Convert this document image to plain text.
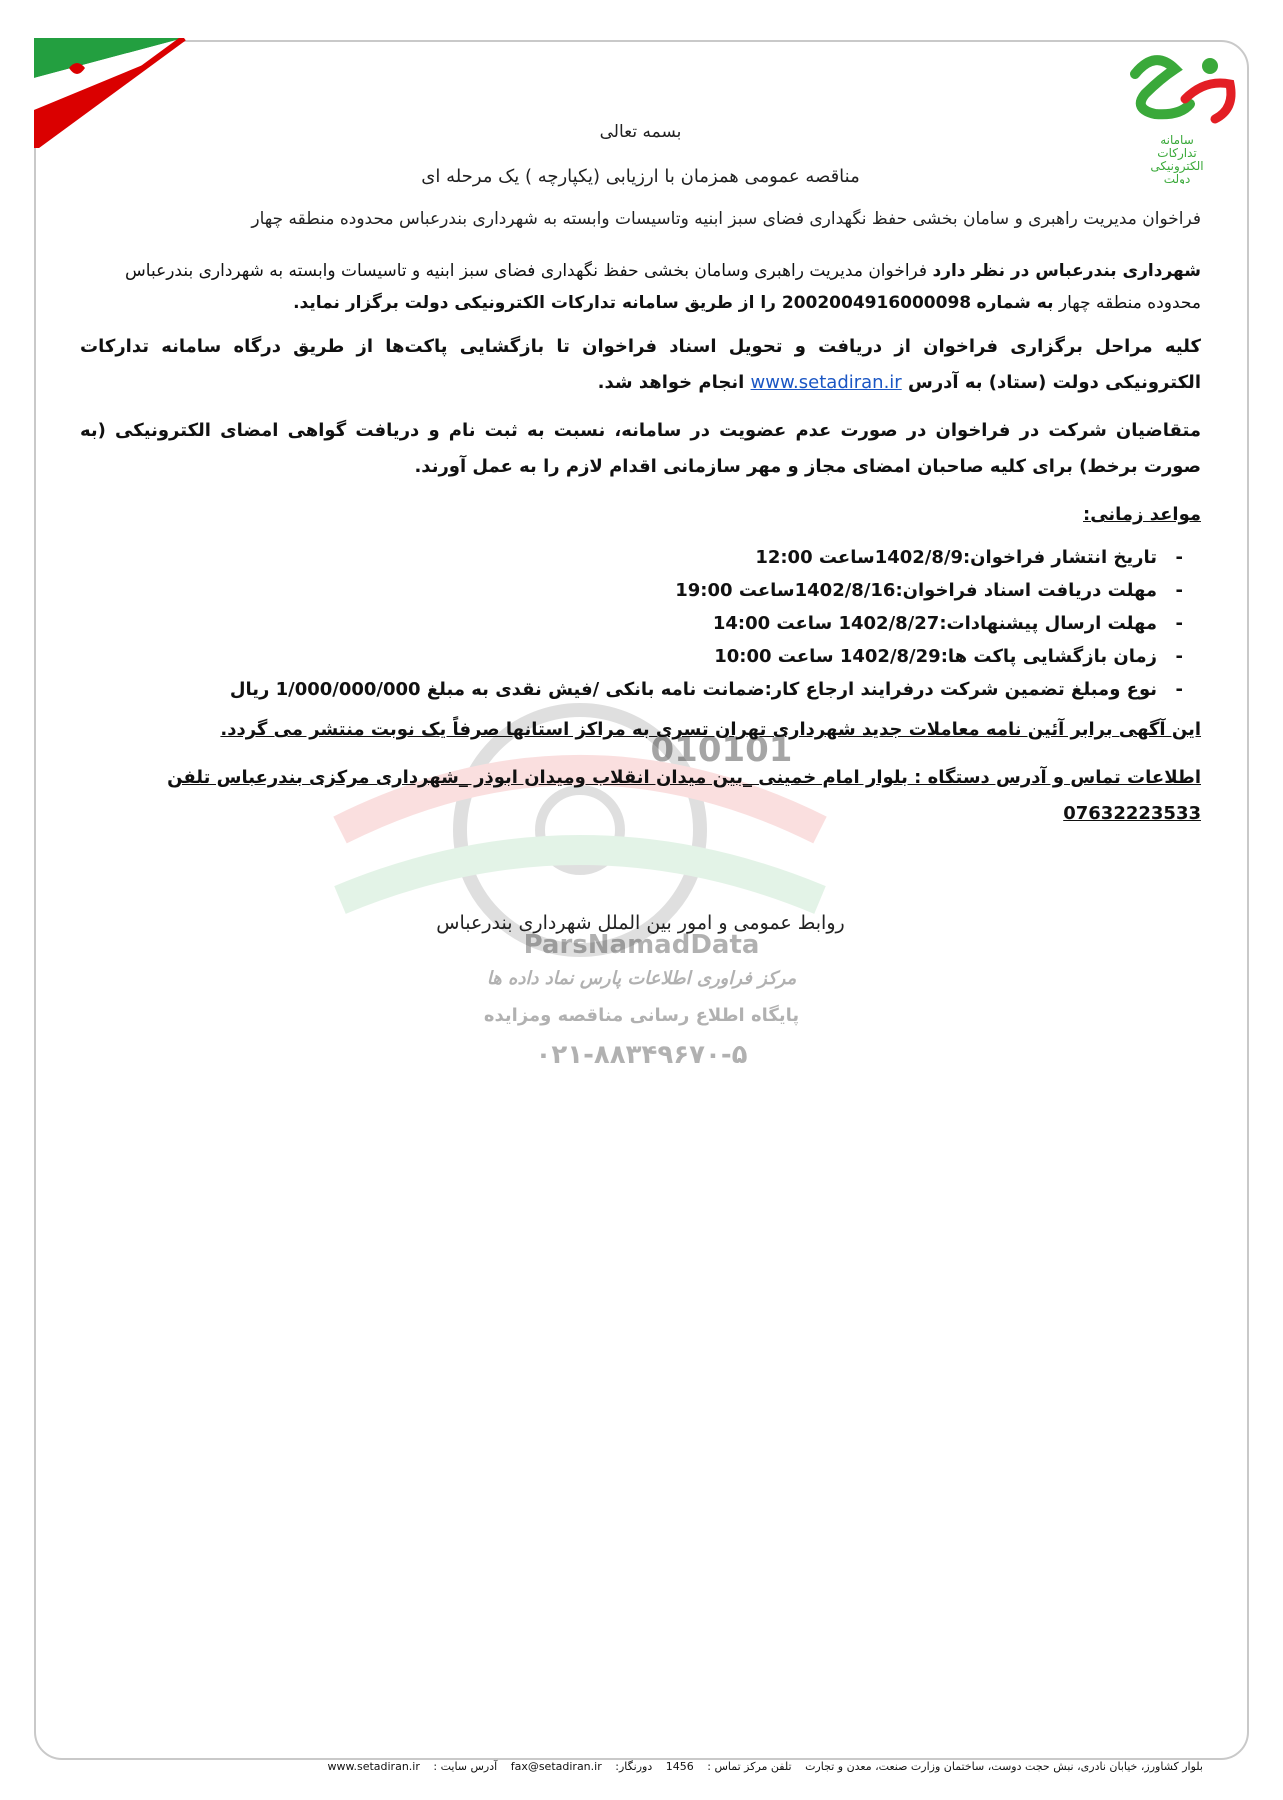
سامانه
تدارکات
الکترونیکی
دولت
010101
ParsNamadData
مرکز فراوری اطلاعات پارس نماد داده ها
پایگاه اطلاع رسانی مناقصه ومزایده
۰۲۱-۸۸۳۴۹۶۷۰-۵
بسمه تعالی
مناقصه عمومی همزمان با ارزیابی (یکپارچه ) یک مرحله ای
فراخوان مدیریت راهبری و سامان بخشی حفظ نگهداری فضای سبز ابنیه وتاسیسات وابسته به شهرداری بندرعباس محدوده منطقه چهار

شهرداری بندرعباس در نظر دارد فراخوان مدیریت راهبری وسامان بخشی حفظ نگهداری فضای سبز ابنیه و تاسیسات وابسته به شهرداری بندرعباس محدوده منطقه چهار به شماره 2002004916000098 را از طریق سامانه تدارکات الکترونیکی دولت برگزار نماید.

کلیه مراحل برگزاری فراخوان از دریافت و تحویل اسناد فراخوان تا بازگشایی پاکت‌ها از طریق درگاه سامانه تدارکات الکترونیکی دولت (ستاد) به آدرس www.setadiran.ir انجام خواهد شد.

متقاضیان شرکت در فراخوان در صورت عدم عضویت در سامانه، نسبت به ثبت نام و دریافت گواهی امضای الکترونیکی (به صورت برخط) برای کلیه صاحبان امضای مجاز و مهر سازمانی اقدام لازم را به عمل آورند.

مواعد زمانی:
- تاریخ انتشار فراخوان:1402/8/9ساعت 12:00
- مهلت دریافت اسناد فراخوان:1402/8/16ساعت 19:00
- مهلت ارسال پیشنهادات:1402/8/27 ساعت 14:00
- زمان بازگشایی پاکت ها:1402/8/29 ساعت 10:00
- نوع ومبلغ تضمین شرکت درفرایند ارجاع کار:ضمانت نامه بانکی /فیش نقدی به مبلغ 1/000/000/000 ریال

این آگهی برابر آئین نامه معاملات جدید شهرداری تهران تسری به مراکز استانها صرفاً یک نوبت منتشر می گردد.

اطلاعات تماس و آدرس دستگاه : بلوار امام خمینی _بین میدان انقلاب ومیدان ابوذر _شهرداری مرکزی بندرعباس تلفن

07632223533

روابط عمومی و امور بین الملل شهرداری بندرعباس
بلوار کشاورز، خیابان نادری، نبش حجت دوست، ساختمان وزارت صنعت، معدن و تجارت تلفن مرکز تماس : 1456 دورنگار: fax@setadiran.ir آدرس سایت : www.setadiran.ir
